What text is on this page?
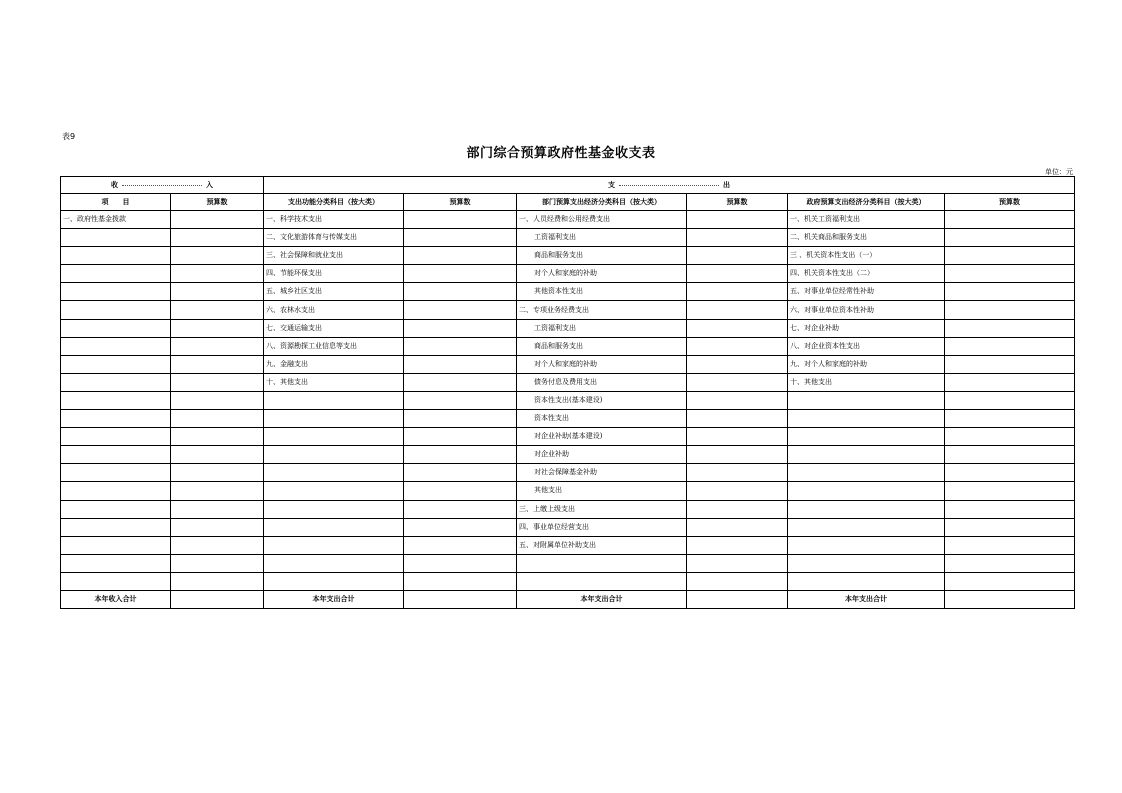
表9
部门综合预算政府性基金收支表
单位：元
收 入		支 出					
项　　目	预算数	支出功能分类科目（按大类）	预算数	部门预算支出经济分类科目（按大类）	预算数	政府预算支出经济分类科目（按大类）	预算数
一、政府性基金拨款		一、科学技术支出		一、人员经费和公用经费支出		一、机关工资福利支出	
		二、文化旅游体育与传媒支出		工资福利支出		二、机关商品和服务支出	
		三、社会保障和就业支出		商品和服务支出		三 、机关资本性支出（一）	
		四、节能环保支出		对个人和家庭的补助		四、机关资本性支出（二）	
		五、城乡社区支出		其他资本性支出		五、对事业单位经常性补助	
		六、农林水支出		二、专项业务经费支出		六、对事业单位资本性补助	
		七、交通运输支出		工资福利支出		七、对企业补助	
		八、资源勘探工业信息等支出		商品和服务支出		八、对企业资本性支出	
		九、金融支出		对个人和家庭的补助		九、对个人和家庭的补助	
		十、其他支出		债务付息及费用支出		十、其他支出	
				资本性支出(基本建设)			
				资本性支出			
				对企业补助(基本建设)			
				对企业补助			
				对社会保障基金补助			
				其他支出			
				三、上缴上级支出			
				四、事业单位经营支出			
				五、对附属单位补助支出			

本年收入合计		本年支出合计		本年支出合计		本年支出合计	
